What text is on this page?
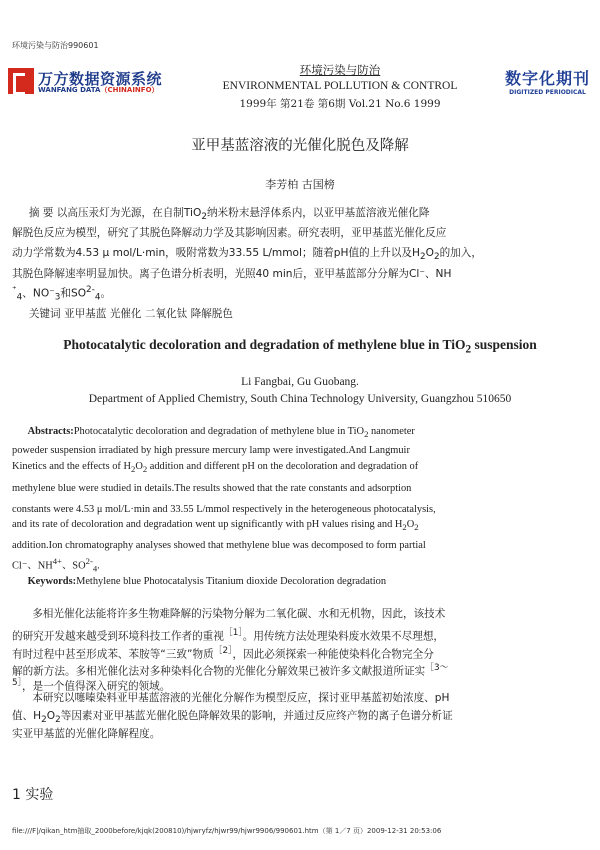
环境污染与防治990601
万方数据资源系统
WANFANG DATA（CHINAINFO）
数字化期刊
DIGITIZED PERIODICAL
环境污染与防治
ENVIRONMENTAL POLLUTION & CONTROL
1999年 第21卷 第6期 Vol.21 No.6 1999
亚甲基蓝溶液的光催化脱色及降解
李芳柏 古国榜
摘 要 以高压汞灯为光源，在自制TiO$_2$纳米粉末悬浮体系内，以亚甲基蓝溶液光催化降
解脱色反应为模型，研究了其脱色降解动力学及其影响因素。研究表明，亚甲基蓝光催化反应
动力学常数为4.53 μ mol/L·min，吸附常数为33.55 L/mmol；随着pH值的上升以及$H_2O_2$的加入，
其脱色降解速率明显加快。离子色谱分析表明，光照40 min后，亚甲基蓝部分分解为Cl⁻、NH
⁺$_4$、$NO^-_3$和$SO^{2-}_4$。
关键词 亚甲基蓝 光催化 二氧化钛 降解脱色
Photocatalytic decoloration and degradation of methylene blue in TiO$_2$ suspension
Li Fangbai, Gu Guobang.
Department of Applied Chemistry, South China Technology University, Guangzhou 510650
Abstracts:Photocatalytic decoloration and degradation of methylene blue in TiO$_2$ nanometer
poweder suspension irradiated by high pressure mercury lamp were investigated.And Langmuir
Kinetics and the effects of $H_2O_2$ addition and different pH on the decoloration and degradation of
methylene blue were studied in details.The results showed that the rate constants and adsorption
constants were 4.53 μ mol/L·min and 33.55 L/mmol respectively in the heterogeneous photocatalysis,
and its rate of decoloration and degradation went up significantly with pH values rising and $H_2O_2$
addition.Ion chromatography analyses showed that methylene blue was decomposed to form partial
Cl⁻、$NH^{4+}$、$SO^{2-}_4$.
Keywords:Methylene blue Photocatalysis Titanium dioxide Decoloration degradation
多相光催化法能将许多生物难降解的污染物分解为二氧化碳、水和无机物，因此，该技术
的研究开发越来越受到环境科技工作者的重视$^{[1]}$。用传统方法处理染料废水效果不尽理想，
有时过程中甚至形成苯、苯胺等“三致”物质$^{[2]}$，因此必须探索一种能使染料化合物完全分
解的新方法。多相光催化法对多种染料化合物的光催化分解效果已被许多文献报道所证实$^{[3\sim}$
$^{5]}$，是一个值得深入研究的领域。
本研究以噻嗪染料亚甲基蓝溶液的光催化分解作为模型反应，探讨亚甲基蓝初始浓度、pH
值、$H_2O_2$等因素对亚甲基蓝光催化脱色降解效果的影响，并通过反应终产物的离子色谱分析证
实亚甲基蓝的光催化降解程度。
1 实验
file:///F|/qikan_htm抽取_2000before/kjqk(200810)/hjwryfz/hjwr99/hjwr9906/990601.htm（第 1／7 页）2009-12-31 20:53:06
